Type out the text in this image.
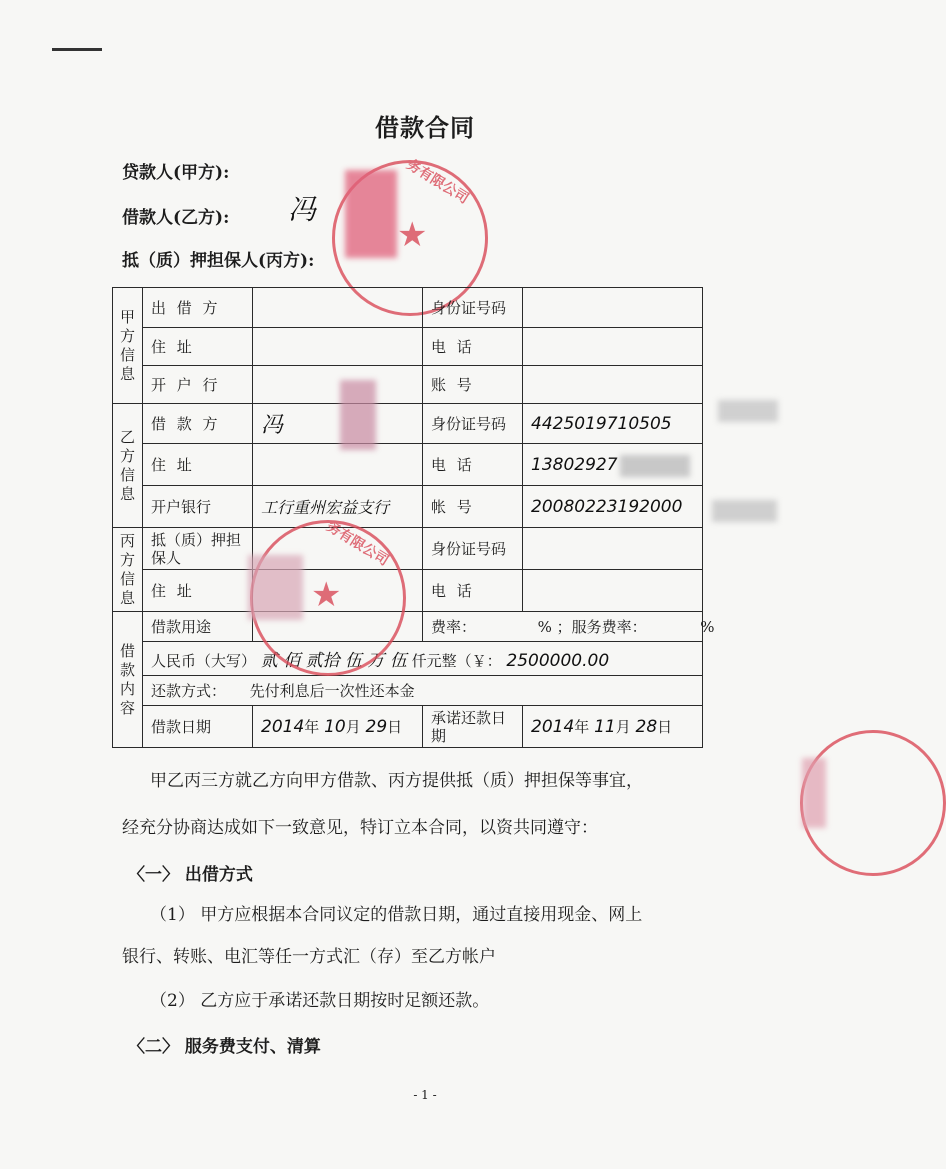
借款合同
贷款人(甲方):
借款人(乙方): 冯
抵（质）押担保人(丙方):
★
务有限公司
甲方信息	出 借 方		身份证号码	
	住 址		电 话	
	开 户 行		账 号	
乙方信息	借 款 方	冯	身份证号码	4425019710505
	住 址		电 话	13802927
	开户银行	工行重州宏益支行	帐 号	20080223192000
丙方信息	抵（质）押担保人		身份证号码	
	住 址		电 话	
借款内容	借款用途		费率： % ；服务费率： %	
	人民币（大写） 贰 佰 贰拾 伍 万 伍 仟元整（￥： 2500000.00			
	还款方式： 先付利息后一次性还本金			
	借款日期	2014年 10月 29日	承诺还款日期	2014年 11月 28日
★
务有限公司
甲乙丙三方就乙方向甲方借款、丙方提供抵（质）押担保等事宜，
经充分协商达成如下一致意见，特订立本合同，以资共同遵守：
〈一〉 出借方式
（1） 甲方应根据本合同议定的借款日期，通过直接用现金、网上
银行、转账、电汇等任一方式汇（存）至乙方帐户
（2） 乙方应于承诺还款日期按时足额还款。
〈二〉 服务费支付、清算
- 1 -
